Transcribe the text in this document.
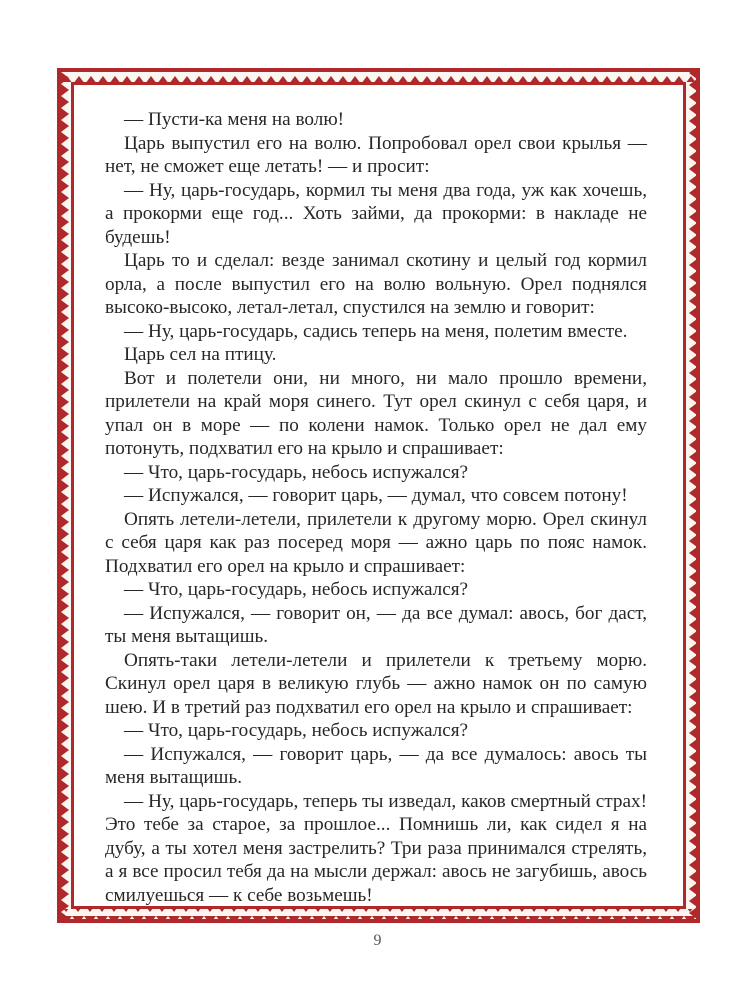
— Пусти-ка меня на волю!

Царь выпустил его на волю. Попробовал орел свои крылья — нет, не сможет еще летать! — и просит:

— Ну, царь-государь, кормил ты меня два года, уж как хочешь, а прокорми еще год... Хоть займи, да прокорми: в накладе не будешь!

Царь то и сделал: везде занимал скотину и целый год кормил орла, а после выпустил его на волю вольную. Орел поднялся высоко-высоко, летал-летал, спустился на землю и говорит:

— Ну, царь-государь, садись теперь на меня, полетим вместе.

Царь сел на птицу.

Вот и полетели они, ни много, ни мало прошло времени, прилетели на край моря синего. Тут орел скинул с себя царя, и упал он в море — по колени намок. Только орел не дал ему потонуть, подхватил его на крыло и спрашивает:

— Что, царь-государь, небось испужался?

— Испужался, — говорит царь, — думал, что совсем потону!

Опять летели-летели, прилетели к другому морю. Орел скинул с себя царя как раз посеред моря — ажно царь по пояс намок. Подхватил его орел на крыло и спрашивает:

— Что, царь-государь, небось испужался?

— Испужался, — говорит он, — да все думал: авось, бог даст, ты меня вытащишь.

Опять-таки летели-летели и прилетели к третьему морю. Скинул орел царя в великую глубь — ажно намок он по самую шею. И в третий раз подхватил его орел на крыло и спрашивает:

— Что, царь-государь, небось испужался?

— Испужался, — говорит царь, — да все думалось: авось ты меня вытащишь.

— Ну, царь-государь, теперь ты изведал, каков смертный страх! Это тебе за старое, за прошлое... Помнишь ли, как сидел я на дубу, а ты хотел меня застрелить? Три раза принимался стрелять, а я все просил тебя да на мысли держал: авось не загубишь, авось смилуешься — к себе возьмешь!

9
